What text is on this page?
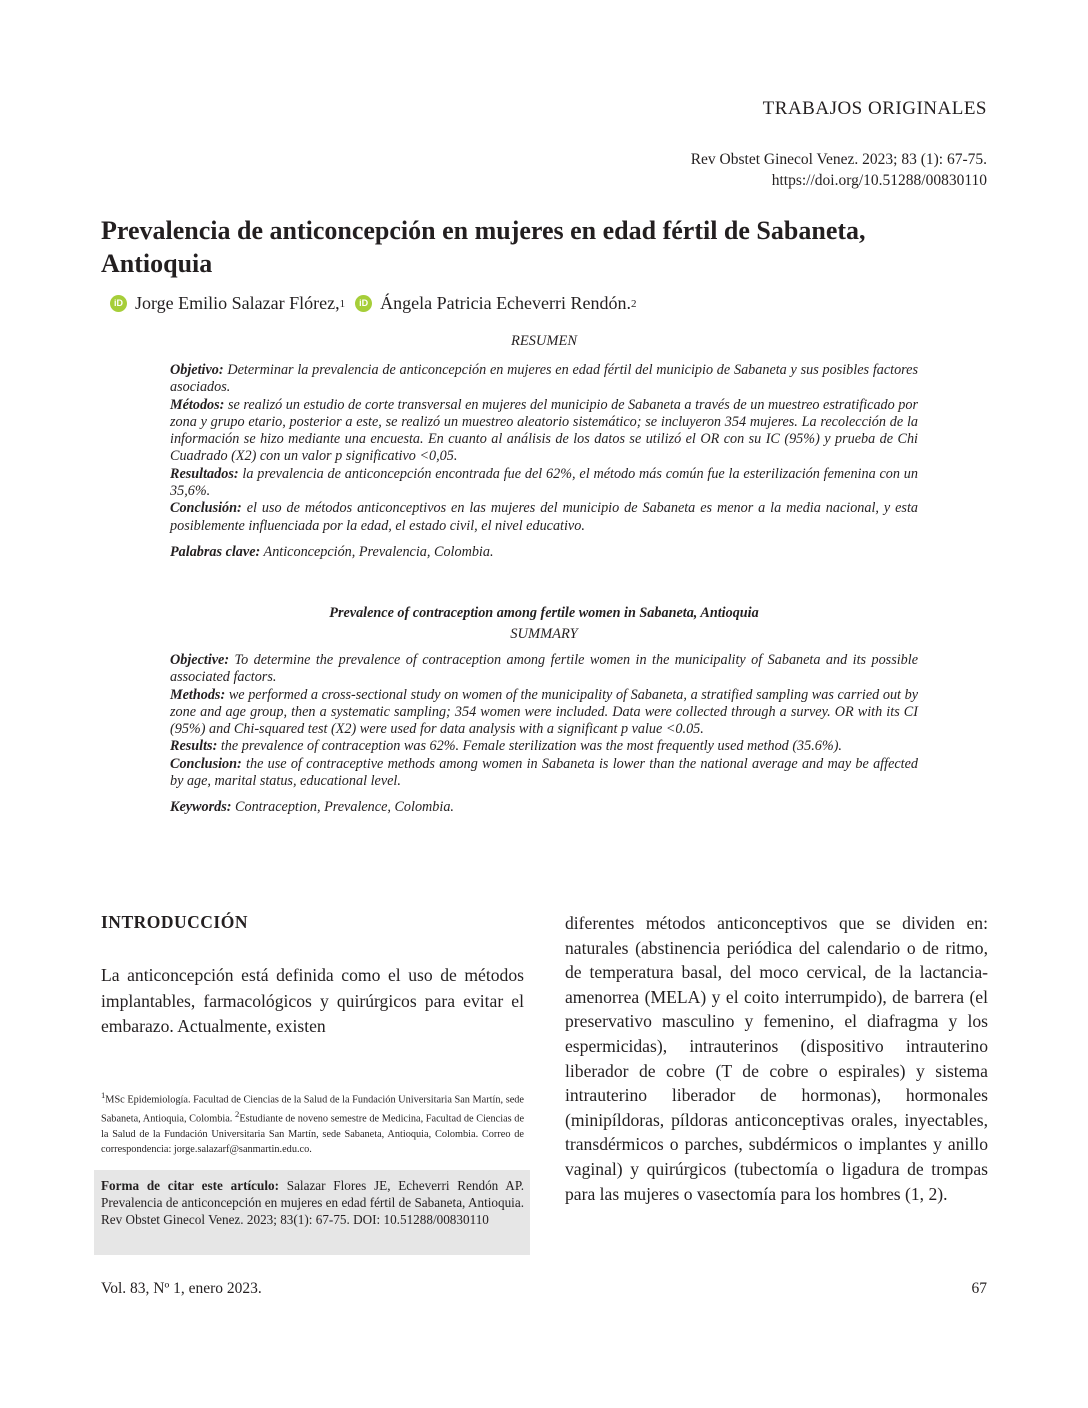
TRABAJOS ORIGINALES
Rev Obstet Ginecol Venez. 2023; 83 (1): 67-75.
https://doi.org/10.51288/00830110
Prevalencia de anticoncepción en mujeres en edad fértil de Sabaneta, Antioquia
iD Jorge Emilio Salazar Flórez, 1	iD Ángela Patricia Echeverri Rendón. 2
RESUMEN

Objetivo: Determinar la prevalencia de anticoncepción en mujeres en edad fértil del municipio de Sabaneta y sus posibles factores asociados.

Métodos: se realizó un estudio de corte transversal en mujeres del municipio de Sabaneta a través de un muestreo estratificado por zona y grupo etario, posterior a este, se realizó un muestreo aleatorio sistemático; se incluyeron 354 mujeres. La recolección de la información se hizo mediante una encuesta. En cuanto al análisis de los datos se utilizó el OR con su IC (95%) y prueba de Chi Cuadrado (X2) con un valor p significativo <0,05.

Resultados: la prevalencia de anticoncepción encontrada fue del 62%, el método más común fue la esterilización femenina con un 35,6%.

Conclusión: el uso de métodos anticonceptivos en las mujeres del municipio de Sabaneta es menor a la media nacional, y esta posiblemente influenciada por la edad, el estado civil, el nivel educativo.

Palabras clave: Anticoncepción, Prevalencia, Colombia.

Prevalence of contraception among fertile women in Sabaneta, Antioquia
SUMMARY

Objective: To determine the prevalence of contraception among fertile women in the municipality of Sabaneta and its possible associated factors.

Methods: we performed a cross-sectional study on women of the municipality of Sabaneta, a stratified sampling was carried out by zone and age group, then a systematic sampling; 354 women were included. Data were collected through a survey. OR with its CI (95%) and Chi-squared test (X2) were used for data analysis with a significant p value <0.05.

Results: the prevalence of contraception was 62%. Female sterilization was the most frequently used method (35.6%).

Conclusion: the use of contraceptive methods among women in Sabaneta is lower than the national average and may be affected by age, marital status, educational level.

Keywords: Contraception, Prevalence, Colombia.

INTRODUCCIÓN
La anticoncepción está definida como el uso de métodos implantables, farmacológicos y quirúrgicos para evitar el embarazo. Actualmente, existen
diferentes métodos anticonceptivos que se dividen en: naturales (abstinencia periódica del calendario o de ritmo, de temperatura basal, del moco cervical, de la lactancia-amenorrea (MELA) y el coito interrumpido), de barrera (el preservativo masculino y femenino, el diafragma y los espermicidas), intrauterinos (dispositivo intrauterino liberador de cobre (T de cobre o espirales) y sistema intrauterino liberador de hormonas), hormonales (minipíldoras, píldoras anticonceptivas orales, inyectables, transdérmicos o parches, subdérmicos o implantes y anillo vaginal) y quirúrgicos (tubectomía o ligadura de trompas para las mujeres o vasectomía para los hombres (1, 2).
$^1$MSc Epidemiología. Facultad de Ciencias de la Salud de la Fundación Universitaria San Martín, sede Sabaneta, Antioquia, Colombia. $^2$Estudiante de noveno semestre de Medicina, Facultad de Ciencias de la Salud de la Fundación Universitaria San Martín, sede Sabaneta, Antioquia, Colombia. Correo de correspondencia: jorge.salazarf@sanmartin.edu.co.
Forma de citar este artículo: Salazar Flores JE, Echeverri Rendón AP. Prevalencia de anticoncepción en mujeres en edad fértil de Sabaneta, Antioquia. Rev Obstet Ginecol Venez. 2023; 83(1): 67-75. DOI: 10.51288/00830110
Vol. 83, Nº 1, enero 2023.	67
